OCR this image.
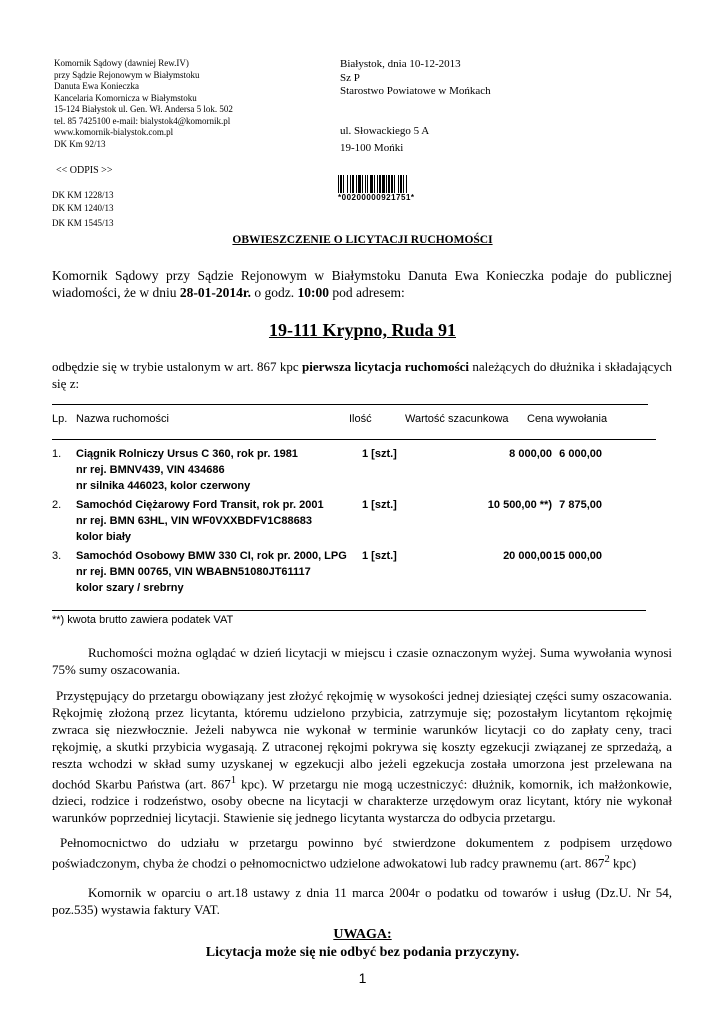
Komornik Sądowy (dawniej Rew.IV)
przy Sądzie Rejonowym w Białymstoku
Danuta Ewa Konieczka
Kancelaria Komornicza w Białymstoku
15-124 Białystok ul. Gen. Wł. Andersa 5 lok. 502
tel. 85 7425100 e-mail: bialystok4@komornik.pl
www.komornik-bialystok.com.pl
DK Km 92/13
Białystok, dnia 10-12-2013
Sz P
Starostwo Powiatowe w Mońkach
ul. Słowackiego 5 A
19-100 Mońki
*00200000921751*
<< ODPIS >>
DK KM 1228/13
DK KM 1240/13
DK KM 1545/13
OBWIESZCZENIE O LICYTACJI RUCHOMOŚCI
Komornik Sądowy przy Sądzie Rejonowym w Białymstoku Danuta Ewa Konieczka podaje do publicznej wiadomości, że w dniu 28-01-2014r. o godz. 10:00 pod adresem:
19-111 Krypno, Ruda 91
odbędzie się w trybie ustalonym w art. 867 kpc pierwsza licytacja ruchomości należących do dłużnika i składających się z:
Lp. Nazwa ruchomości	Ilość	Wartość szacunkowa Cena wywołania
1. Ciągnik Rolniczy Ursus C 360, rok pr. 1981
nr rej. BMNV439, VIN 434686
nr silnika 446023, kolor czerwony
1 [szt.]	8 000,00 6 000,00
2. Samochód Ciężarowy Ford Transit, rok pr. 2001
nr rej. BMN 63HL, VIN WF0VXXBDFV1C88683
kolor biały
1 [szt.]	10 500,00 **) 7 875,00
3. Samochód Osobowy BMW 330 CI, rok pr. 2000, LPG
nr rej. BMN 00765, VIN WBABN51080JT61117
kolor szary / srebrny
1 [szt.]	20 000,00 15 000,00
**) kwota brutto zawiera podatek VAT
Ruchomości można oglądać w dzień licytacji w miejscu i czasie oznaczonym wyżej. Suma wywołania wynosi 75% sumy oszacowania.
Przystępujący do przetargu obowiązany jest złożyć rękojmię w wysokości jednej dziesiątej części sumy oszacowania. Rękojmię złożoną przez licytanta, któremu udzielono przybicia, zatrzymuje się; pozostałym licytantom rękojmię zwraca się niezwłocznie. Jeżeli nabywca nie wykonał w terminie warunków licytacji co do zapłaty ceny, traci rękojmię, a skutki przybicia wygasają. Z utraconej rękojmi pokrywa się koszty egzekucji związanej ze sprzedażą, a reszta wchodzi w skład sumy uzyskanej w egzekucji albo jeżeli egzekucja została umorzona jest przelewana na dochód Skarbu Państwa (art. $867^1$ kpc). W przetargu nie mogą uczestniczyć: dłużnik, komornik, ich małżonkowie, dzieci, rodzice i rodzeństwo, osoby obecne na licytacji w charakterze urzędowym oraz licytant, który nie wykonał warunków poprzedniej licytacji. Stawienie się jednego licytanta wystarcza do odbycia przetargu.
Pełnomocnictwo do udziału w przetargu powinno być stwierdzone dokumentem z podpisem urzędowo poświadczonym, chyba że chodzi o pełnomocnictwo udzielone adwokatowi lub radcy prawnemu (art. $867^2$ kpc)
Komornik w oparciu o art.18 ustawy z dnia 11 marca 2004r o podatku od towarów i usług (Dz.U. Nr 54, poz.535) wystawia faktury VAT.
UWAGA:
Licytacja może się nie odbyć bez podania przyczyny.
1
